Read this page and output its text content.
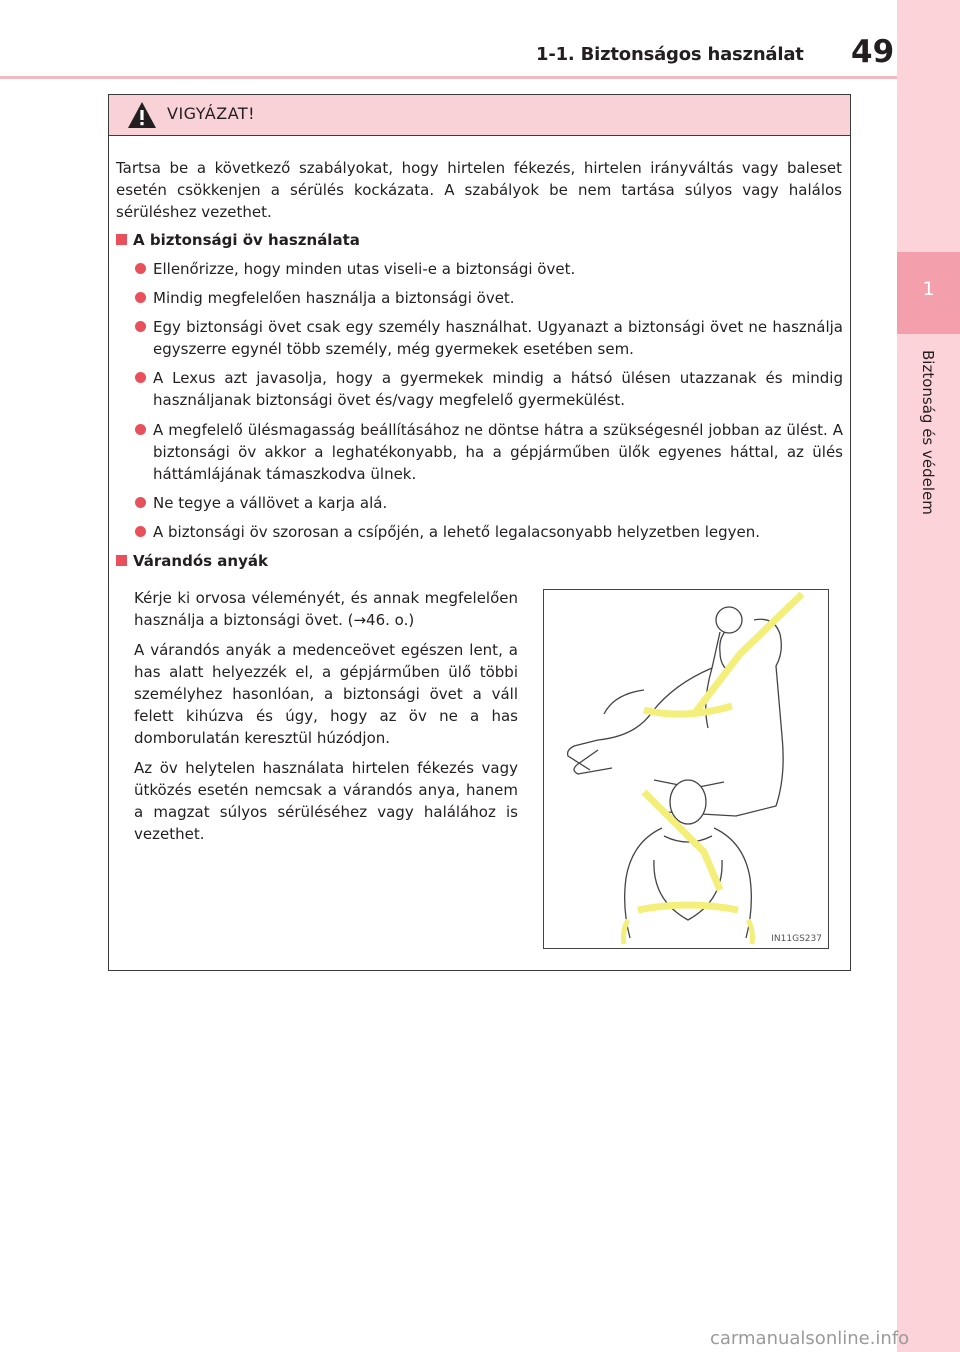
1-1. Biztonságos használat 49
1
Biztonság és védelem
VIGYÁZAT!
Tartsa be a következő szabályokat, hogy hirtelen fékezés, hirtelen irányváltás vagy baleset esetén csökkenjen a sérülés kockázata. A szabályok be nem tartása súlyos vagy halálos sérüléshez vezethet.
A biztonsági öv használata
Ellenőrizze, hogy minden utas viseli-e a biztonsági övet.
Mindig megfelelően használja a biztonsági övet.
Egy biztonsági övet csak egy személy használhat. Ugyanazt a biztonsági övet ne használja egyszerre egynél több személy, még gyermekek esetében sem.
A Lexus azt javasolja, hogy a gyermekek mindig a hátsó ülésen utazzanak és mindig használjanak biztonsági övet és/vagy megfelelő gyermekülést.
A megfelelő ülésmagasság beállításához ne döntse hátra a szükségesnél jobban az ülést. A biztonsági öv akkor a leghatékonyabb, ha a gépjárműben ülők egyenes háttal, az ülés háttámlájának támaszkodva ülnek.
Ne tegye a vállövet a karja alá.
A biztonsági öv szorosan a csípőjén, a lehető legalacsonyabb helyzetben legyen.
Várandós anyák
Kérje ki orvosa véleményét, és annak megfelelően használja a biztonsági övet. (→46. o.)
A várandós anyák a medenceövet egészen lent, a has alatt helyezzék el, a gépjárműben ülő többi személyhez hasonlóan, a biztonsági övet a váll felett kihúzva és úgy, hogy az öv ne a has domborulatán keresztül húzódjon.
Az öv helytelen használata hirtelen fékezés vagy ütközés esetén nemcsak a várandós anya, hanem a magzat súlyos sérüléséhez vagy halálához is vezethet.
IN11GS237
carmanualsonline.info
